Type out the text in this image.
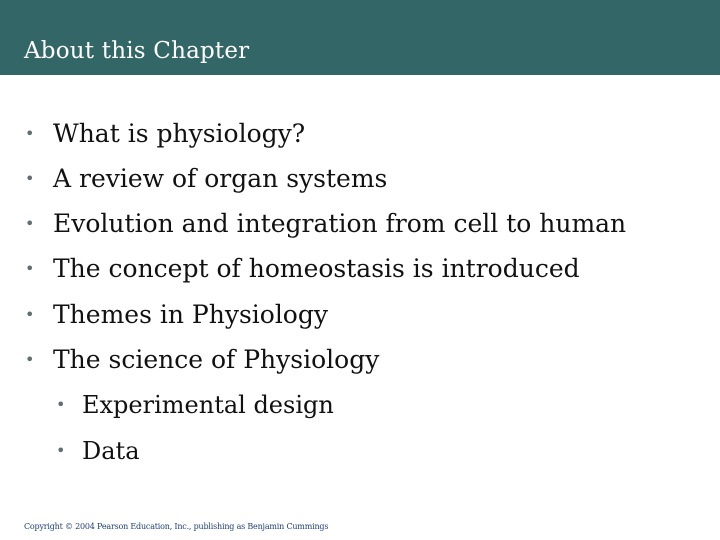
About this Chapter
• What is physiology?
• A review of organ systems
• Evolution and integration from cell to human
• The concept of homeostasis is introduced
• Themes in Physiology
• The science of Physiology
• Experimental design
• Data
Copyright © 2004 Pearson Education, Inc., publishing as Benjamin Cummings
